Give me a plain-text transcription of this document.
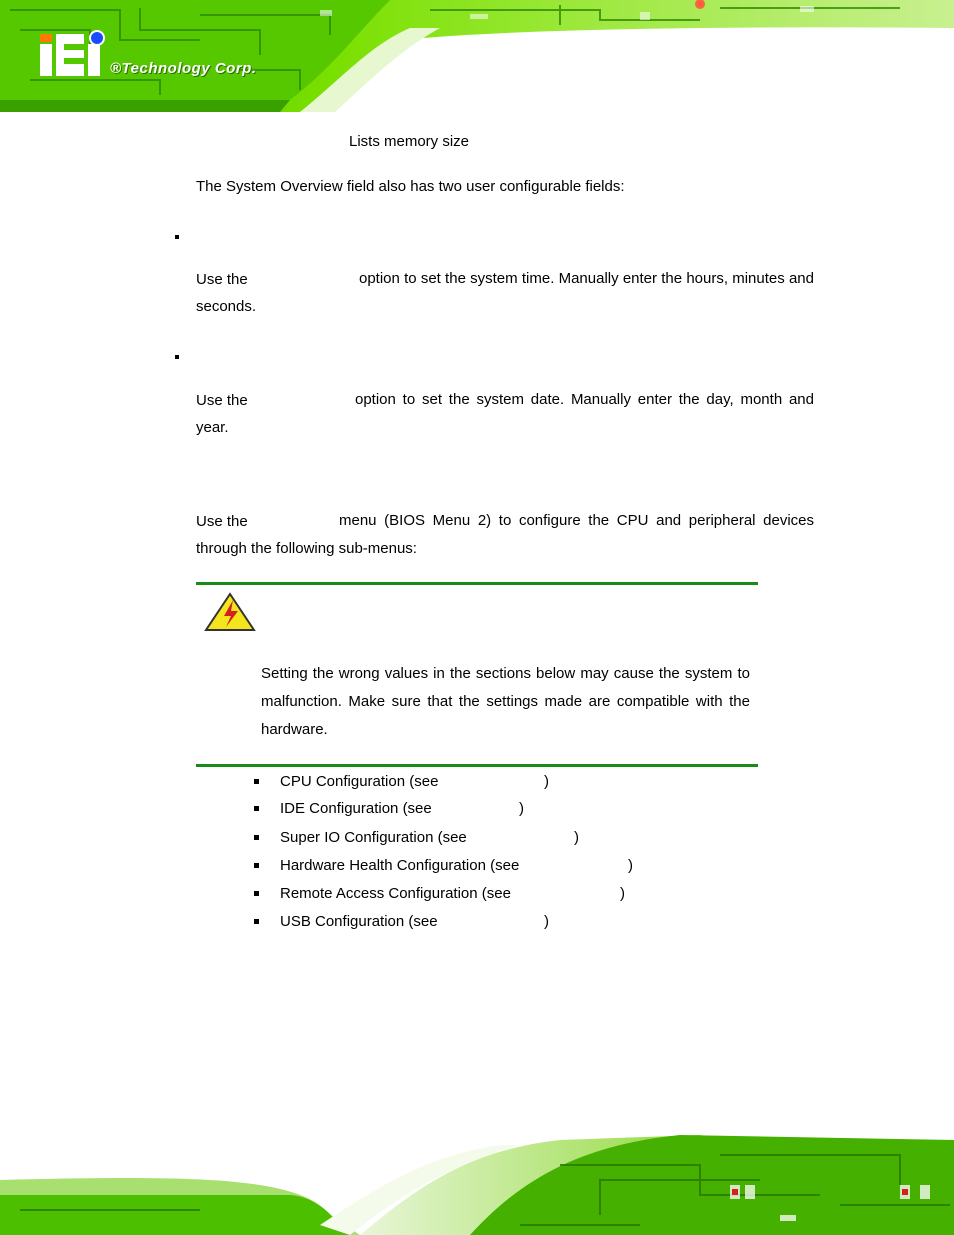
®Technology Corp.
Lists memory size
The System Overview field also has two user configurable fields:
Use the	option to set the system time. Manually enter the hours, minutes and seconds.
Use the	option to set the system date. Manually enter the day, month and year.
Use the	menu (BIOS Menu 2) to configure the CPU and peripheral devices through the following sub-menus:
Setting the wrong values in the sections below may cause the system to malfunction. Make sure that the settings made are compatible with the hardware.
CPU Configuration (see	)
IDE Configuration (see	)
Super IO Configuration (see	)
Hardware Health Configuration (see	)
Remote Access Configuration (see	)
USB Configuration (see	)
